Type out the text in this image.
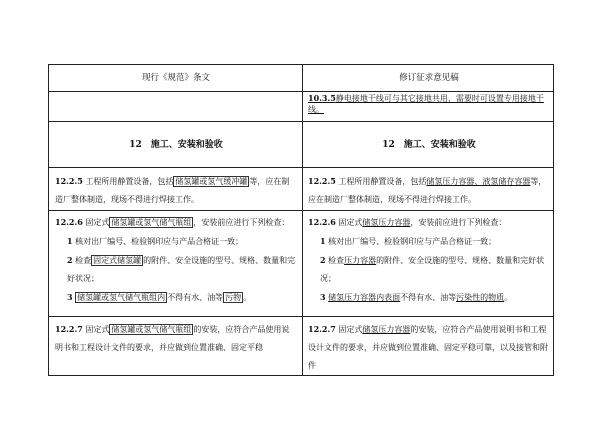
现行《规范》条文	修订征求意见稿
10.3.5静电接地干线可与其它接地共用，需要时可设置专用接地干线。
12　施工、安装和验收	12　施工、安装和验收
12.2.5 工程所用静置设备，包括 储氢罐或氢气缓冲罐 等，应在制造厂整体制造，现场不得进行焊接工作。
12.2.5 工程所用静置设备，包括储氢压力容器、液氢储存容器等，应在制造厂整体制造，现场不得进行焊接工作。
12.2.6 固定式 储氢罐或氢气储气瓶组 ，安装前应进行下列检查：
1 核对出厂编号、检验钢印应与产品合格证一致；
2 检查 固定式储氢罐 的附件、安全设施的型号、规格、数量和完好状况；
3 储氢罐或氢气储气瓶组内 不得有水、油等 污物 。
12.2.6 固定式储氢压力容器，安装前应进行下列检查：
1 核对出厂编号、检验钢印应与产品合格证一致；
2 检查压力容器的附件、安全设施的型号、规格、数量和完好状况；
3 储氢压力容器内表面不得有水、油等污染性的物质。
12.2.7 固定式 储氢罐或氢气储气瓶组 的安装，应符合产品使用说明书和工程设计文件的要求，并应做到位置准确、固定平稳
12.2.7 固定式储氢压力容器的安装，应符合产品使用说明书和工程设计文件的要求，并应做到位置准确、固定平稳可靠，以及接管和附件
